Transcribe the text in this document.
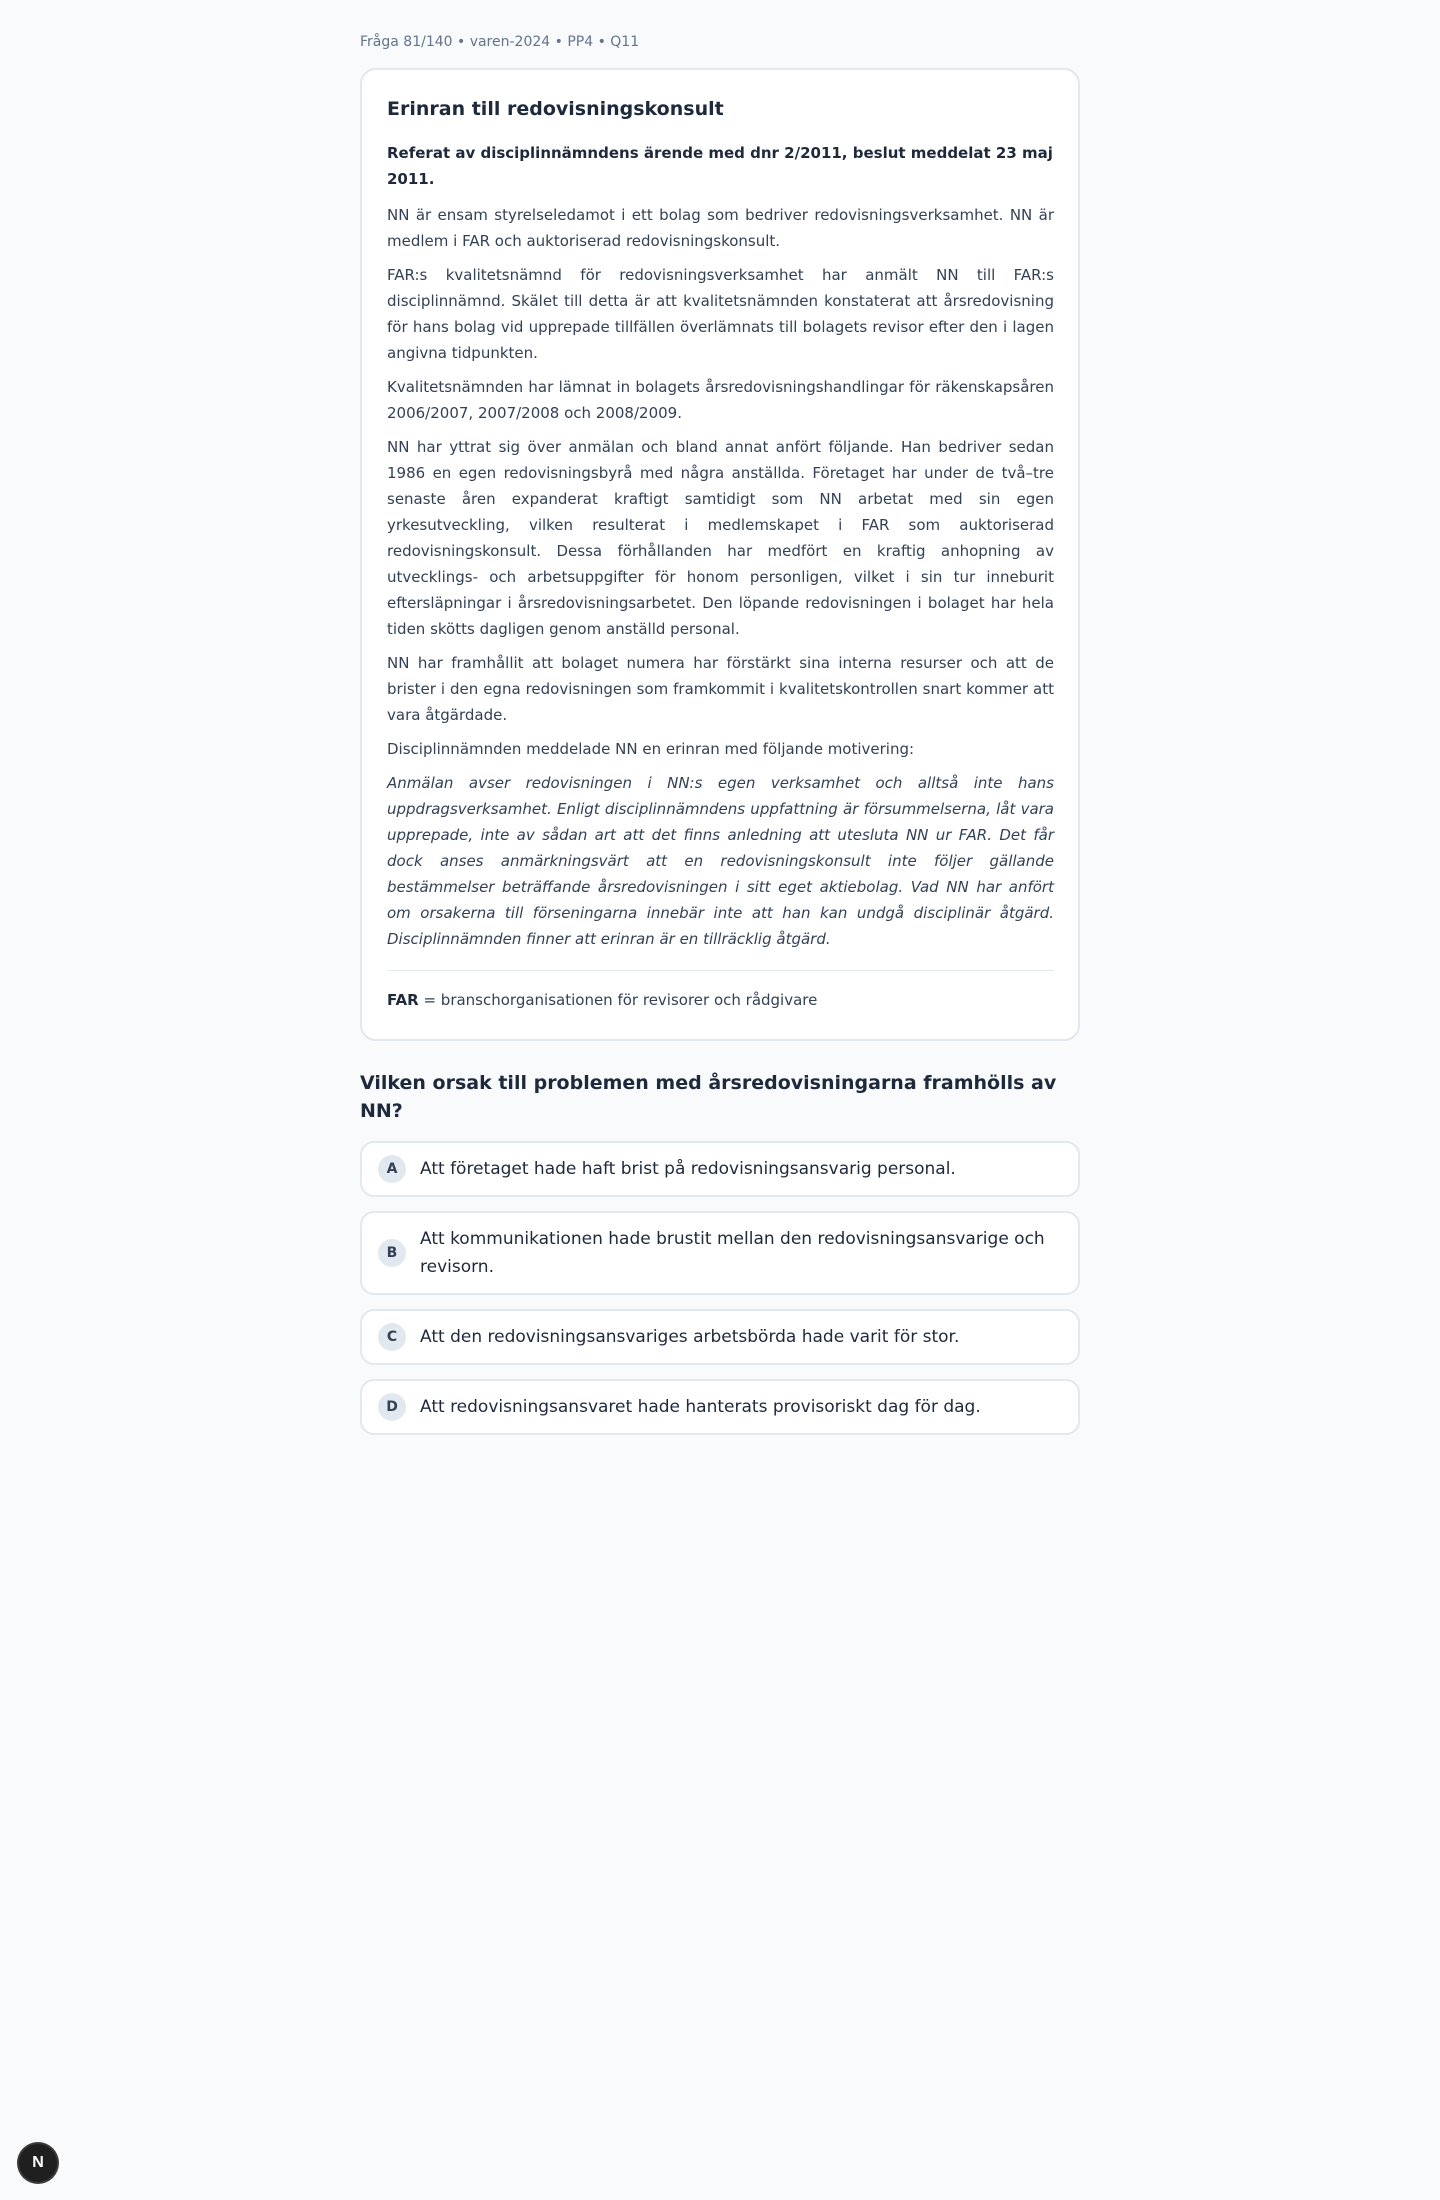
Fråga 81/140 • varen-2024 • PP4 • Q11
Erinran till redovisningskonsult
Referat av disciplinnämndens ärende med dnr 2/2011, beslut meddelat 23 maj 2011.

NN är ensam styrelseledamot i ett bolag som bedriver redovisningsverksamhet. NN är medlem i FAR och auktoriserad redovisningskonsult.

FAR:s kvalitetsnämnd för redovisningsverksamhet har anmält NN till FAR:s disciplinnämnd. Skälet till detta är att kvalitetsnämnden konstaterat att årsredovisning för hans bolag vid upprepade tillfällen överlämnats till bolagets revisor efter den i lagen angivna tidpunkten.

Kvalitetsnämnden har lämnat in bolagets årsredovisningshandlingar för räkenskapsåren 2006/2007, 2007/2008 och 2008/2009.

NN har yttrat sig över anmälan och bland annat anfört följande. Han bedriver sedan 1986 en egen redovisningsbyrå med några anställda. Företaget har under de två–tre senaste åren expanderat kraftigt samtidigt som NN arbetat med sin egen yrkesutveckling, vilken resulterat i medlemskapet i FAR som auktoriserad redovisningskonsult. Dessa förhållanden har medfört en kraftig anhopning av utvecklings- och arbetsuppgifter för honom personligen, vilket i sin tur inneburit eftersläpningar i årsredovisningsarbetet. Den löpande redovisningen i bolaget har hela tiden skötts dagligen genom anställd personal.

NN har framhållit att bolaget numera har förstärkt sina interna resurser och att de brister i den egna redovisningen som framkommit i kvalitetskontrollen snart kommer att vara åtgärdade.

Disciplinnämnden meddelade NN en erinran med följande motivering:

Anmälan avser redovisningen i NN:s egen verksamhet och alltså inte hans uppdragsverksamhet. Enligt disciplinnämndens uppfattning är försummelserna, låt vara upprepade, inte av sådan art att det finns anledning att utesluta NN ur FAR. Det får dock anses anmärkningsvärt att en redovisningskonsult inte följer gällande bestämmelser beträffande årsredovisningen i sitt eget aktiebolag. Vad NN har anfört om orsakerna till förseningarna innebär inte att han kan undgå disciplinär åtgärd. Disciplinnämnden finner att erinran är en tillräcklig åtgärd.

FAR = branschorganisationen för revisorer och rådgivare

Vilken orsak till problemen med årsredovisningarna framhölls av NN?
A	Att företaget hade haft brist på redovisningsansvarig personal.
B
Att kommunikationen hade brustit mellan den redovisningsansvarige och revisorn.
C	Att den redovisningsansvariges arbetsbörda hade varit för stor.
D	Att redovisningsansvaret hade hanterats provisoriskt dag för dag.
N
